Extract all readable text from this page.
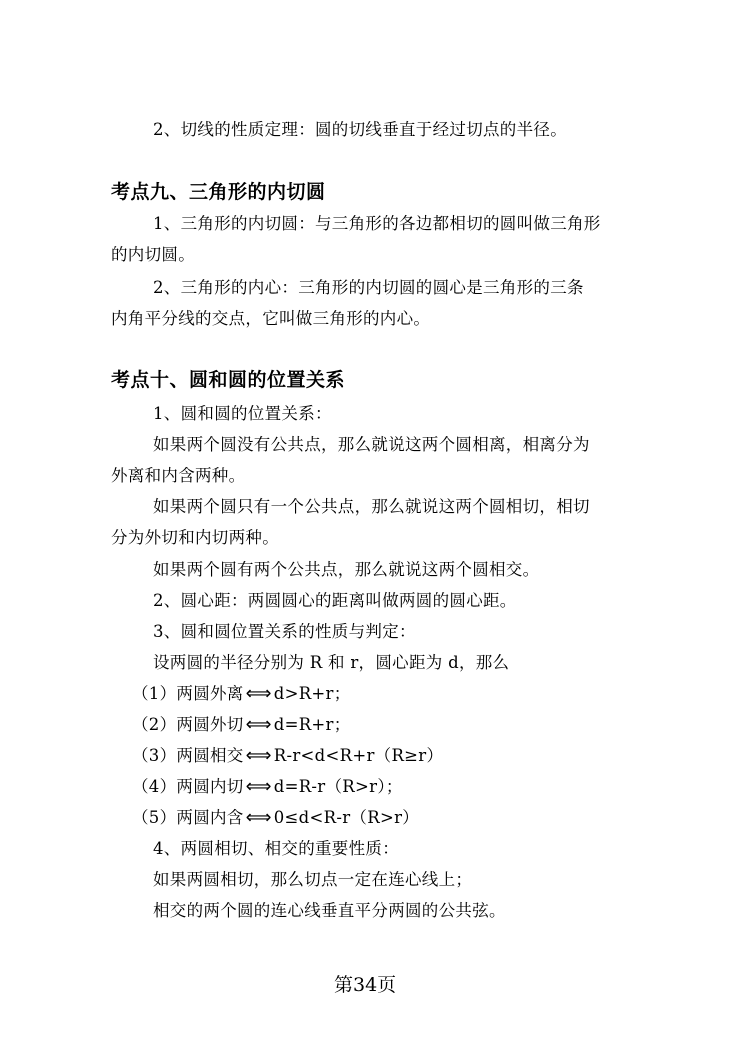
2、切线的性质定理：圆的切线垂直于经过切点的半径。
考点九、三角形的内切圆
1、三角形的内切圆：与三角形的各边都相切的圆叫做三角形
的内切圆。
2、三角形的内心：三角形的内切圆的圆心是三角形的三条
内角平分线的交点，它叫做三角形的内心。
考点十、圆和圆的位置关系
1、圆和圆的位置关系：
如果两个圆没有公共点，那么就说这两个圆相离，相离分为
外离和内含两种。
如果两个圆只有一个公共点，那么就说这两个圆相切，相切
分为外切和内切两种。
如果两个圆有两个公共点，那么就说这两个圆相交。
2、圆心距：两圆圆心的距离叫做两圆的圆心距。
3、圆和圆位置关系的性质与判定：
设两圆的半径分别为 R 和 r，圆心距为 d，那么
（1）两圆外离 ⟺ d>R+r；
（2）两圆外切 ⟺ d=R+r；
（3）两圆相交 ⟺ R-r<d<R+r（R≥r）
（4）两圆内切 ⟺ d=R-r（R>r）；
（5）两圆内含 ⟺ 0≤d<R-r（R>r）
4、两圆相切、相交的重要性质：
如果两圆相切，那么切点一定在连心线上；
相交的两个圆的连心线垂直平分两圆的公共弦。
第34页
